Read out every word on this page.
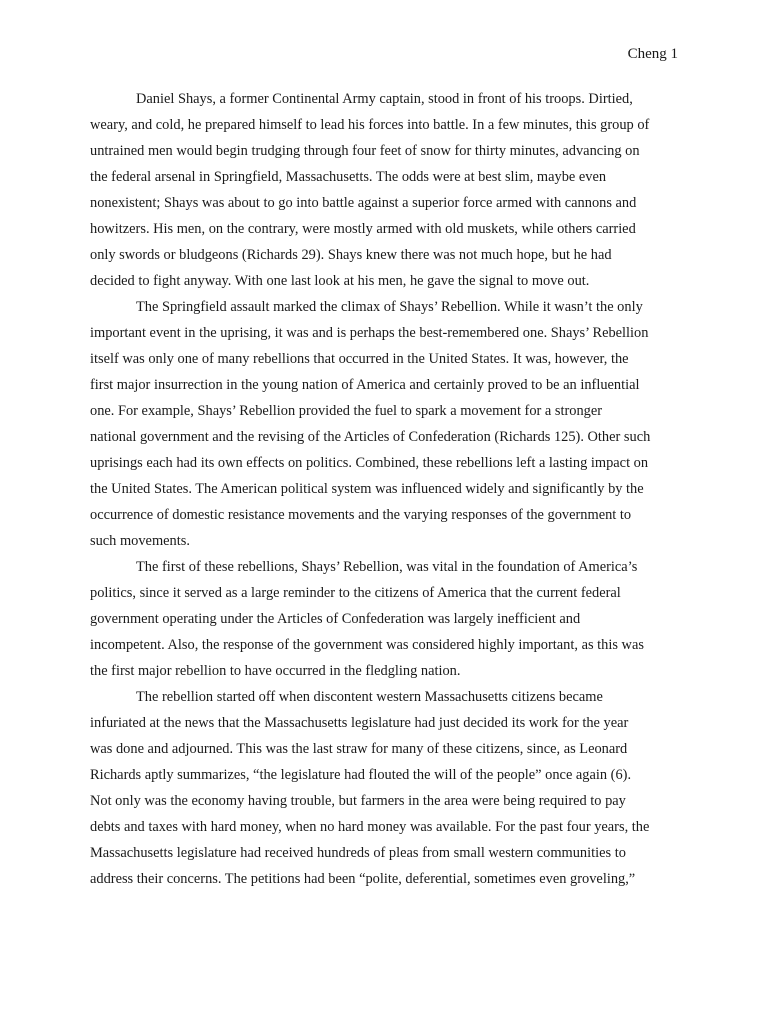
Cheng 1

Daniel Shays, a former Continental Army captain, stood in front of his troops. Dirtied,
weary, and cold, he prepared himself to lead his forces into battle. In a few minutes, this group of
untrained men would begin trudging through four feet of snow for thirty minutes, advancing on
the federal arsenal in Springfield, Massachusetts. The odds were at best slim, maybe even
nonexistent; Shays was about to go into battle against a superior force armed with cannons and
howitzers. His men, on the contrary, were mostly armed with old muskets, while others carried
only swords or bludgeons (Richards 29). Shays knew there was not much hope, but he had
decided to fight anyway. With one last look at his men, he gave the signal to move out.

The Springfield assault marked the climax of Shays’ Rebellion. While it wasn’t the only
important event in the uprising, it was and is perhaps the best-remembered one. Shays’ Rebellion
itself was only one of many rebellions that occurred in the United States. It was, however, the
first major insurrection in the young nation of America and certainly proved to be an influential
one. For example, Shays’ Rebellion provided the fuel to spark a movement for a stronger
national government and the revising of the Articles of Confederation (Richards 125). Other such
uprisings each had its own effects on politics. Combined, these rebellions left a lasting impact on
the United States. The American political system was influenced widely and significantly by the
occurrence of domestic resistance movements and the varying responses of the government to
such movements.

The first of these rebellions, Shays’ Rebellion, was vital in the foundation of America’s
politics, since it served as a large reminder to the citizens of America that the current federal
government operating under the Articles of Confederation was largely inefficient and
incompetent. Also, the response of the government was considered highly important, as this was
the first major rebellion to have occurred in the fledgling nation.

The rebellion started off when discontent western Massachusetts citizens became
infuriated at the news that the Massachusetts legislature had just decided its work for the year
was done and adjourned. This was the last straw for many of these citizens, since, as Leonard
Richards aptly summarizes, “the legislature had flouted the will of the people” once again (6).
Not only was the economy having trouble, but farmers in the area were being required to pay
debts and taxes with hard money, when no hard money was available. For the past four years, the
Massachusetts legislature had received hundreds of pleas from small western communities to
address their concerns. The petitions had been “polite, deferential, sometimes even groveling,”
